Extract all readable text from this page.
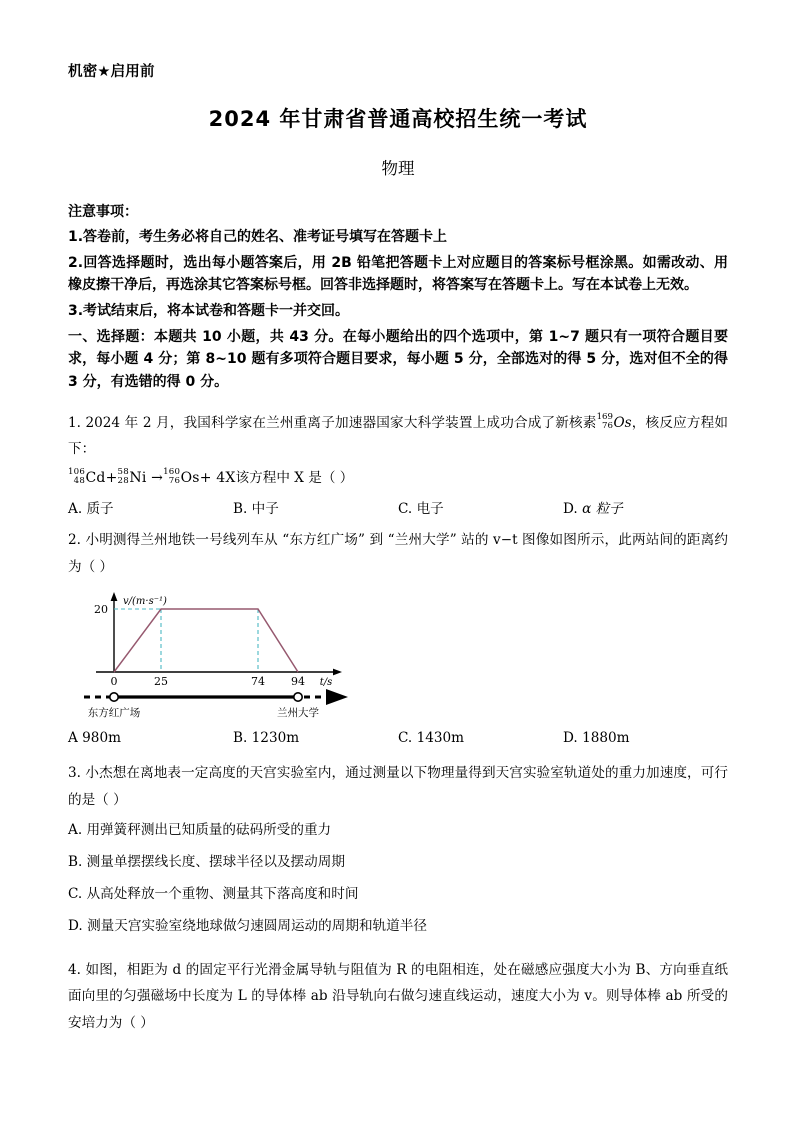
机密★启用前
2024 年甘肃省普通高校招生统一考试
物理
注意事项：
1.答卷前，考生务必将自己的姓名、准考证号填写在答题卡上
2.回答选择题时，选出每小题答案后，用 2B 铅笔把答题卡上对应题目的答案标号框涂黑。如需改动、用橡皮擦干净后，再选涂其它答案标号框。回答非选择题时，将答案写在答题卡上。写在本试卷上无效。
3.考试结束后，将本试卷和答题卡一并交回。
一、选择题：本题共 10 小题，共 43 分。在每小题给出的四个选项中，第 1~7 题只有一项符合题目要求，每小题 4 分；第 8~10 题有多项符合题目要求，每小题 5 分，全部选对的得 5 分，选对但不全的得 3 分，有选错的得 0 分。
1. 2024 年 2 月，我国科学家在兰州重离子加速器国家大科学装置上成功合成了新核素 169
76 Os，核反应方程如下：
106
48 Cd+ 58
28 Ni → 160
76 Os+ 4X该方程中 X 是（ ）
A. 质子	B. 中子	C. 电子	D. α 粒子
2. 小明测得兰州地铁一号线列车从 “东方红广场” 到 “兰州大学” 站的 v−t 图像如图所示，此两站间的距离约为（ ）
20
v/(m·s⁻¹)
0	25	74 94 t/s
东方红广场	兰州大学
A 980m	B. 1230m	C. 1430m	D. 1880m
3. 小杰想在离地表一定高度的天宫实验室内，通过测量以下物理量得到天宫实验室轨道处的重力加速度，可行的是（ ）
A. 用弹簧秤测出已知质量的砝码所受的重力
B. 测量单摆摆线长度、摆球半径以及摆动周期
C. 从高处释放一个重物、测量其下落高度和时间
D. 测量天宫实验室绕地球做匀速圆周运动的周期和轨道半径
4. 如图，相距为 d 的固定平行光滑金属导轨与阻值为 R 的电阻相连，处在磁感应强度大小为 B、方向垂直纸面向里的匀强磁场中长度为 L 的导体棒 ab 沿导轨向右做匀速直线运动，速度大小为 v。则导体棒 ab 所受的安培力为（ ）
